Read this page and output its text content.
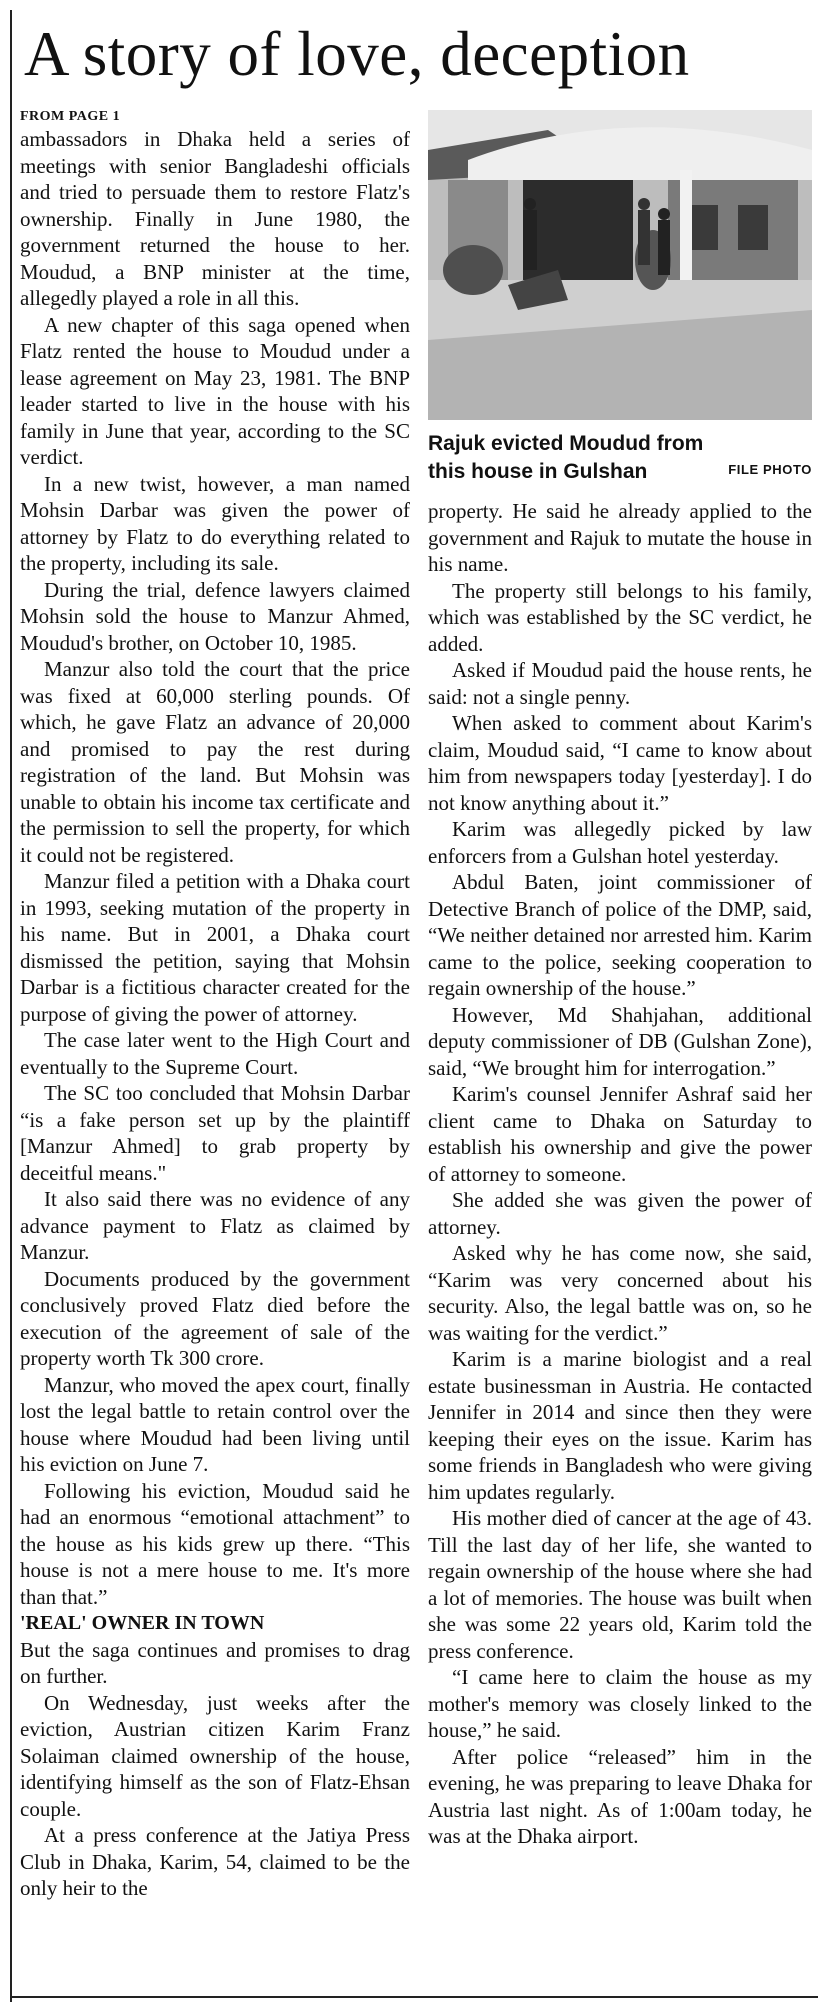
A story of love, deception
FROM PAGE 1

ambassadors in Dhaka held a series of meetings with senior Bangladeshi officials and tried to persuade them to restore Flatz's ownership. Finally in June 1980, the government returned the house to her. Moudud, a BNP minister at the time, allegedly played a role in all this.

A new chapter of this saga opened when Flatz rented the house to Moudud under a lease agreement on May 23, 1981. The BNP leader started to live in the house with his family in June that year, according to the SC verdict.

In a new twist, however, a man named Mohsin Darbar was given the power of attorney by Flatz to do everything related to the property, including its sale.

During the trial, defence lawyers claimed Mohsin sold the house to Manzur Ahmed, Moudud's brother, on October 10, 1985.

Manzur also told the court that the price was fixed at 60,000 sterling pounds. Of which, he gave Flatz an advance of 20,000 and promised to pay the rest during registration of the land. But Mohsin was unable to obtain his income tax certificate and the permission to sell the property, for which it could not be registered.

Manzur filed a petition with a Dhaka court in 1993, seeking mutation of the property in his name. But in 2001, a Dhaka court dismissed the petition, saying that Mohsin Darbar is a fictitious character created for the purpose of giving the power of attorney.

The case later went to the High Court and eventually to the Supreme Court.

The SC too concluded that Mohsin Darbar “is a fake person set up by the plaintiff [Manzur Ahmed] to grab property by deceitful means."

It also said there was no evidence of any advance payment to Flatz as claimed by Manzur.

Documents produced by the government conclusively proved Flatz died before the execution of the agreement of sale of the property worth Tk 300 crore.

Manzur, who moved the apex court, finally lost the legal battle to retain control over the house where Moudud had been living until his eviction on June 7.

Following his eviction, Moudud said he had an enormous “emotional attachment” to the house as his kids grew up there. “This house is not a mere house to me. It's more than that.”

'REAL' OWNER IN TOWN

But the saga continues and promises to drag on further.

On Wednesday, just weeks after the eviction, Austrian citizen Karim Franz Solaiman claimed ownership of the house, identifying himself as the son of Flatz-Ehsan couple.

At a press conference at the Jatiya Press Club in Dhaka, Karim, 54, claimed to be the only heir to the

Rajuk evicted Moudud from this house in Gulshan	FILE PHOTO

property. He said he already applied to the government and Rajuk to mutate the house in his name.

The property still belongs to his family, which was established by the SC verdict, he added.

Asked if Moudud paid the house rents, he said: not a single penny.

When asked to comment about Karim's claim, Moudud said, “I came to know about him from newspapers today [yesterday]. I do not know anything about it.”

Karim was allegedly picked by law enforcers from a Gulshan hotel yesterday.

Abdul Baten, joint commissioner of Detective Branch of police of the DMP, said, “We neither detained nor arrested him. Karim came to the police, seeking cooperation to regain ownership of the house.”

However, Md Shahjahan, additional deputy commissioner of DB (Gulshan Zone), said, “We brought him for interrogation.”

Karim's counsel Jennifer Ashraf said her client came to Dhaka on Saturday to establish his ownership and give the power of attorney to someone.

She added she was given the power of attorney.

Asked why he has come now, she said, “Karim was very concerned about his security. Also, the legal battle was on, so he was waiting for the verdict.”

Karim is a marine biologist and a real estate businessman in Austria. He contacted Jennifer in 2014 and since then they were keeping their eyes on the issue. Karim has some friends in Bangladesh who were giving him updates regularly.

His mother died of cancer at the age of 43. Till the last day of her life, she wanted to regain ownership of the house where she had a lot of memories. The house was built when she was some 22 years old, Karim told the press conference.

“I came here to claim the house as my mother's memory was closely linked to the house,” he said.

After police “released” him in the evening, he was preparing to leave Dhaka for Austria last night. As of 1:00am today, he was at the Dhaka airport.
